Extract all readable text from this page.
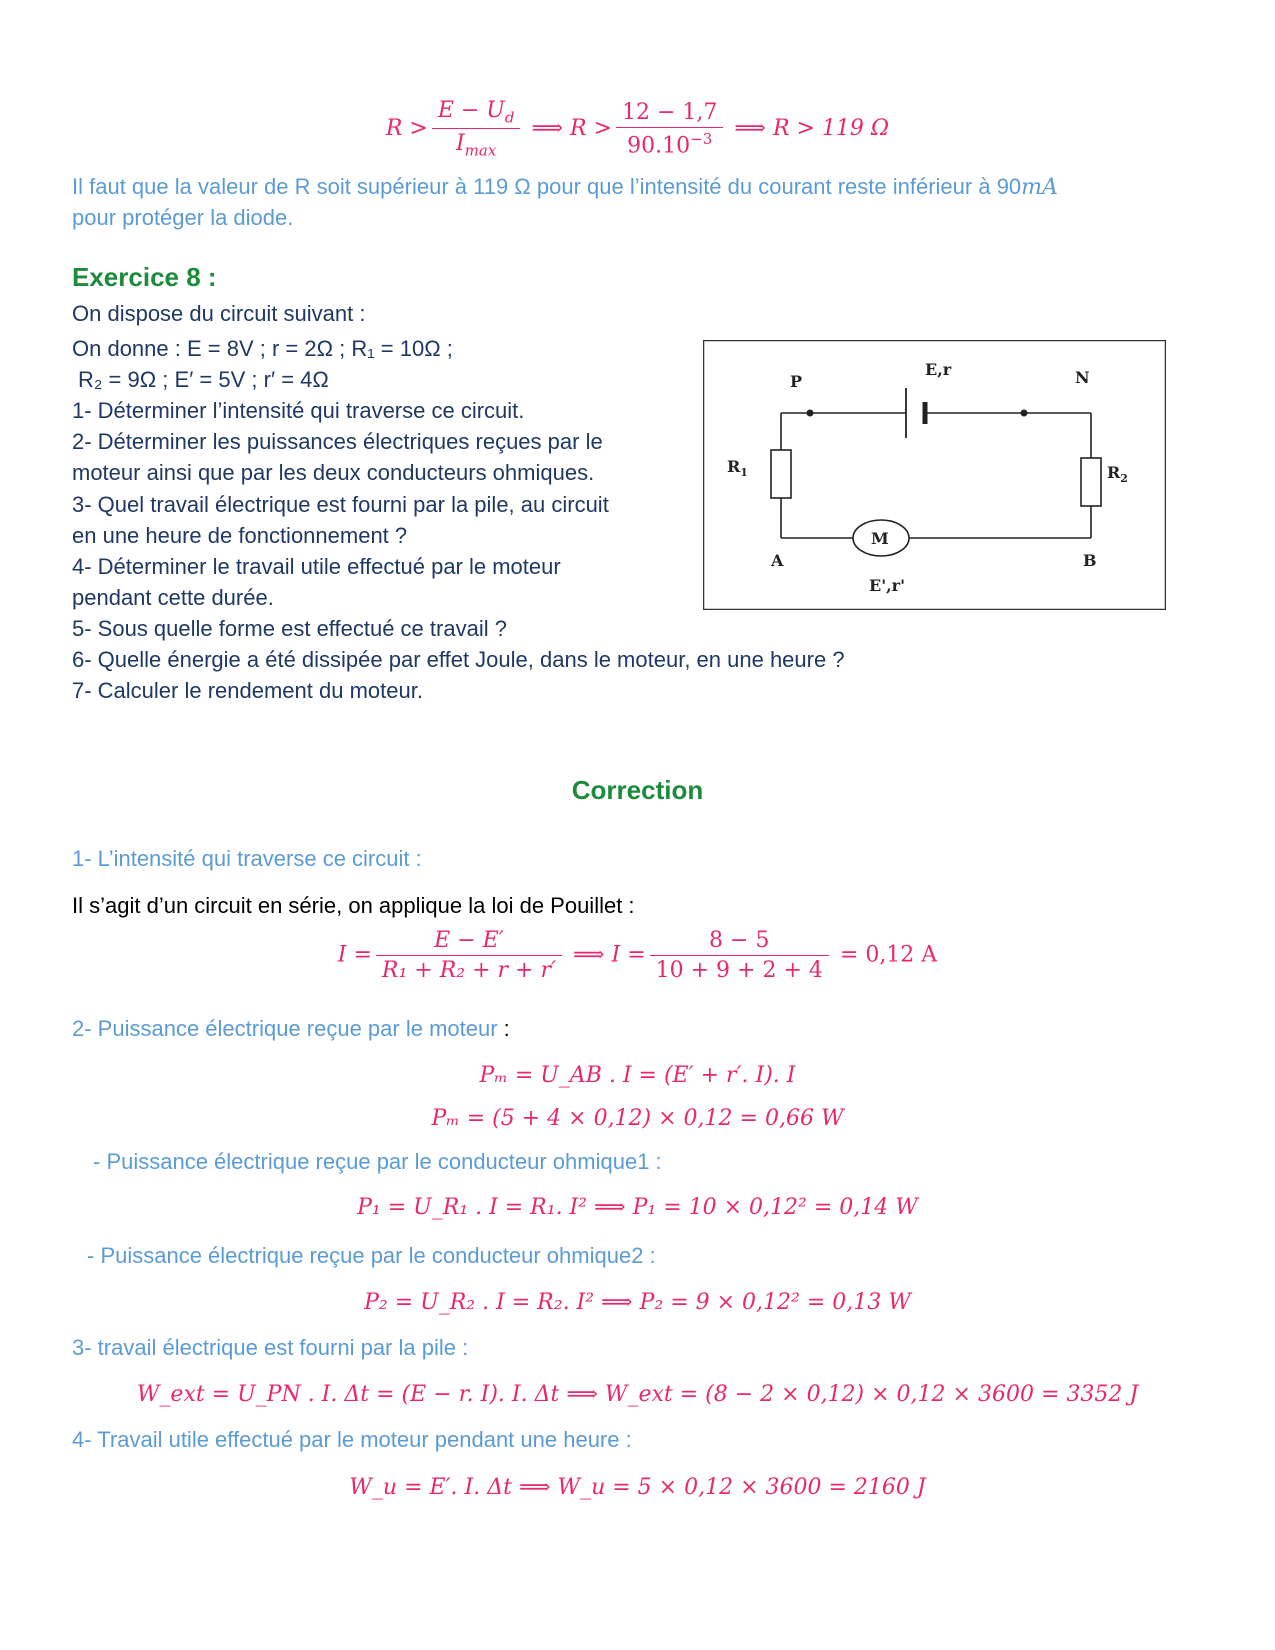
$R > \frac{E - U_d}{I_{max}}$ ⟹ $R > \frac{12 - 1,7}{90.10^{-3}}$ ⟹ R > 119 Ω
Il faut que la valeur de R soit supérieur à 119 Ω pour que l’intensité du courant reste inférieur à 90mA
pour protéger la diode.
Exercice 8 :
On dispose du circuit suivant :
On donne : E = 8V ; r = 2Ω ; R₁ = 10Ω ;
R₂ = 9Ω ; E′ = 5V ; r′ = 4Ω
1- Déterminer l’intensité qui traverse ce circuit.
2- Déterminer les puissances électriques reçues par le
moteur ainsi que par les deux conducteurs ohmiques.
3- Quel travail électrique est fourni par la pile, au circuit
en une heure de fonctionnement ?
4- Déterminer le travail utile effectué par le moteur
pendant cette durée.
5- Sous quelle forme est effectué ce travail ?
6- Quelle énergie a été dissipée par effet Joule, dans le moteur, en une heure ?
7- Calculer le rendement du moteur.
P	N
E,r
$R_1$	$R_2$
M
A	B
E',r'
Correction
1- L’intensité qui traverse ce circuit :
Il s’agit d’un circuit en série, on applique la loi de Pouillet :
$I = \frac{E - E'}{\text{R₁ + R₂ + r + r′}}$ ⟹ $I = \frac{8 - 5}{10 + 9 + 2 + 4} = 0,12$ A
2- Puissance électrique reçue par le moteur :
Pₘ = U_AB . I = (E′ + r′. I). I
Pₘ = (5 + 4 × 0,12) × 0,12 = 0,66 W
- Puissance électrique reçue par le conducteur ohmique1 :
P₁ = U_R₁ . I = R₁. I² ⟹ P₁ = 10 × 0,12² = 0,14 W
- Puissance électrique reçue par le conducteur ohmique2 :
P₂ = U_R₂ . I = R₂. I² ⟹ P₂ = 9 × 0,12² = 0,13 W
3- travail électrique est fourni par la pile :
W_ext = U_PN . I. Δt = (E − r. I). I. Δt ⟹ W_ext = (8 − 2 × 0,12) × 0,12 × 3600 = 3352 J
4- Travail utile effectué par le moteur pendant une heure :
W_u = E′. I. Δt ⟹ W_u = 5 × 0,12 × 3600 = 2160 J
